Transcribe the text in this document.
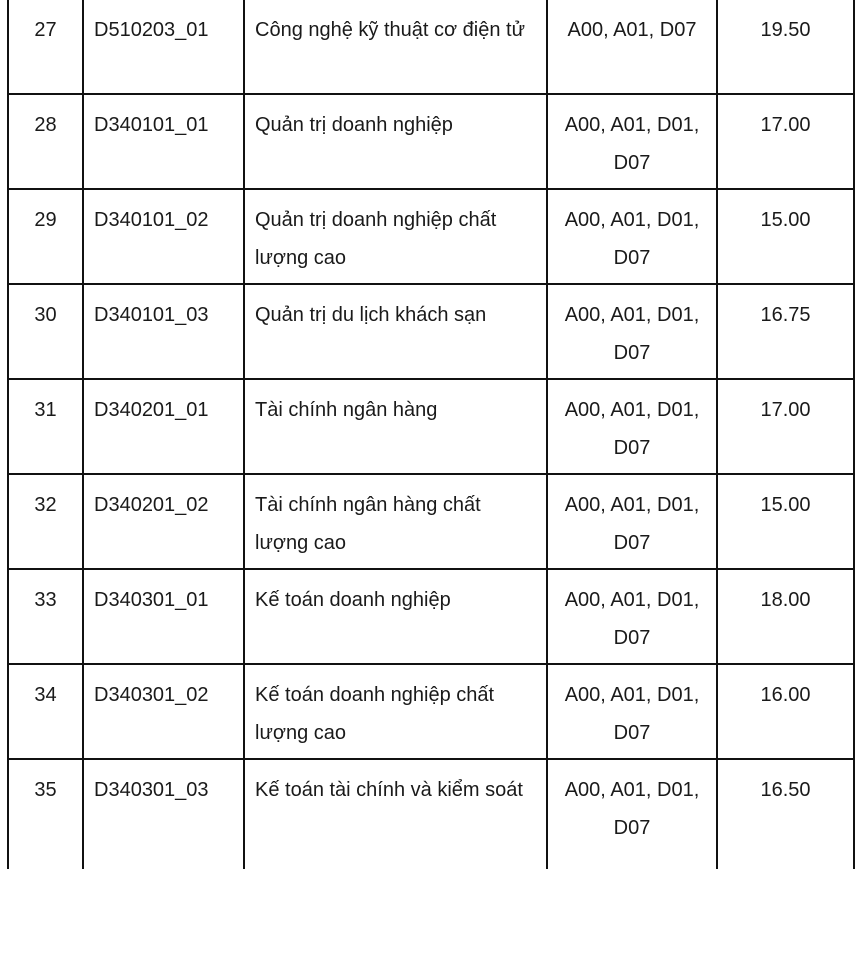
27	D510203_01	Công nghệ kỹ thuật cơ điện tử	A00, A01, D07	19.50
28	D340101_01	Quản trị doanh nghiệp	A00, A01, D01, D07	17.00
29	D340101_02	Quản trị doanh nghiệp chất lượng cao	A00, A01, D01, D07	15.00
30	D340101_03	Quản trị du lịch khách sạn	A00, A01, D01, D07	16.75
31	D340201_01	Tài chính ngân hàng	A00, A01, D01, D07	17.00
32	D340201_02	Tài chính ngân hàng chất lượng cao	A00, A01, D01, D07	15.00
33	D340301_01	Kế toán doanh nghiệp	A00, A01, D01, D07	18.00
34	D340301_02	Kế toán doanh nghiệp chất lượng cao	A00, A01, D01, D07	16.00
35	D340301_03	Kế toán tài chính và kiểm soát	A00, A01, D01, D07	16.50
